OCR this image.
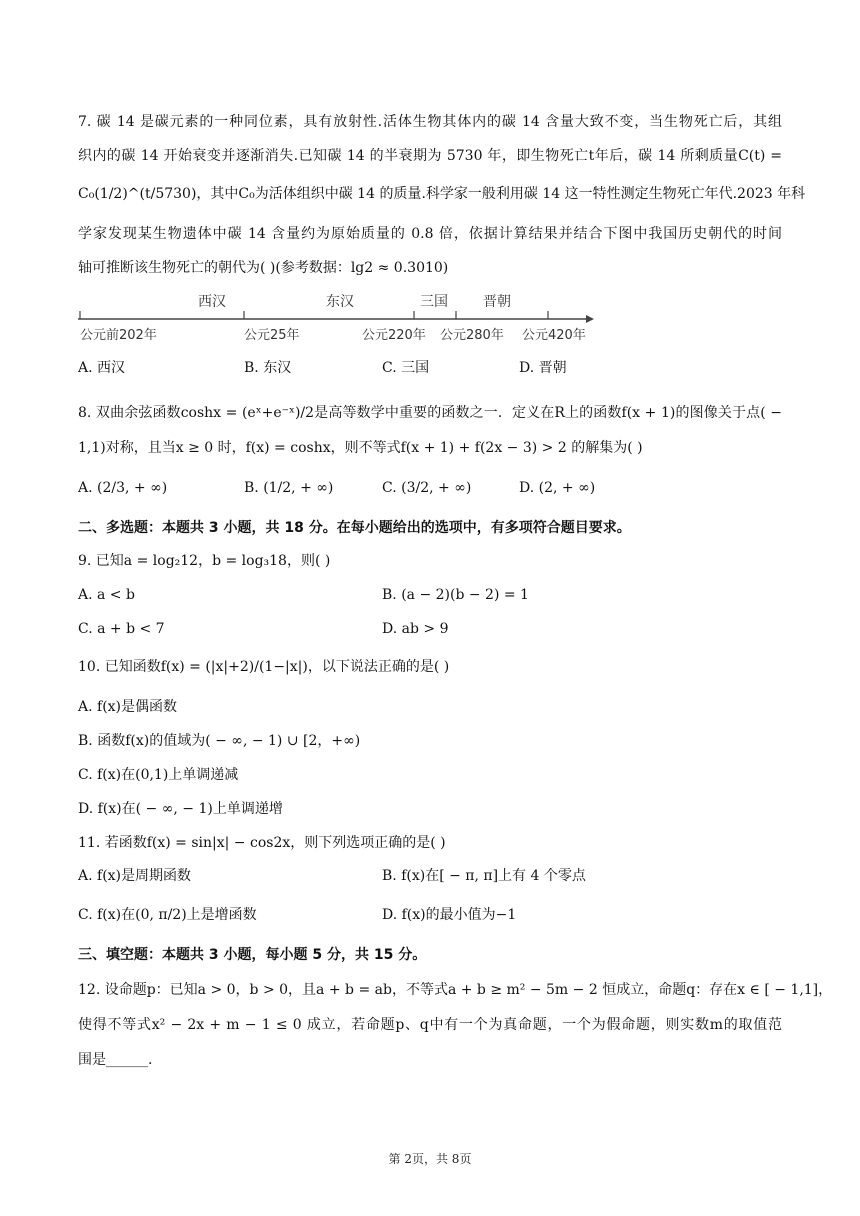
7. 碳 14 是碳元素的一种同位素，具有放射性.活体生物其体内的碳 14 含量大致不变，当生物死亡后，其组
织内的碳 14 开始衰变并逐渐消失.已知碳 14 的半衰期为 5730 年，即生物死亡t年后，碳 14 所剩质量C(t) =
C₀(1/2)^(t/5730)，其中C₀为活体组织中碳 14 的质量.科学家一般利用碳 14 这一特性测定生物死亡年代.2023 年科
学家发现某生物遗体中碳 14 含量约为原始质量的 0.8 倍，依据计算结果并结合下图中我国历史朝代的时间
轴可推断该生物死亡的朝代为( )(参考数据：lg2 ≈ 0.3010)
西汉	东汉	三国	晋朝
公元前202年	公元25年	公元220年 公元280年 公元420年
A. 西汉	B. 东汉	C. 三国	D. 晋朝
8. 双曲余弦函数coshx = (eˣ+e⁻ˣ)/2是高等数学中重要的函数之一．定义在R上的函数f(x + 1)的图像关于点( −
1,1)对称，且当x ≥ 0 时，f(x) = coshx，则不等式f(x + 1) + f(2x − 3) > 2 的解集为( )
A. (2/3, + ∞)	B. (1/2, + ∞)	C. (3/2, + ∞)	D. (2, + ∞)
二、多选题：本题共 3 小题，共 18 分。在每小题给出的选项中，有多项符合题目要求。
9. 已知a = log₂12，b = log₃18，则( )
A. a < b	B. (a − 2)(b − 2) = 1
C. a + b < 7	D. ab > 9
10. 已知函数f(x) = (|x|+2)/(1−|x|)，以下说法正确的是( )
A. f(x)是偶函数
B. 函数f(x)的值域为( − ∞, − 1) ∪ [2，+∞)
C. f(x)在(0,1)上单调递减
D. f(x)在( − ∞, − 1)上单调递增
11. 若函数f(x) = sin|x| − cos2x，则下列选项正确的是( )
A. f(x)是周期函数	B. f(x)在[ − π, π]上有 4 个零点
C. f(x)在(0, π/2)上是增函数	D. f(x)的最小值为−1
三、填空题：本题共 3 小题，每小题 5 分，共 15 分。
12. 设命题p：已知a > 0，b > 0，且a + b = ab，不等式a + b ≥ m² − 5m − 2 恒成立，命题q：存在x ∈ [ − 1,1]，
使得不等式x² − 2x + m − 1 ≤ 0 成立，若命题p、q中有一个为真命题，一个为假命题，则实数m的取值范
围是______.
第 2页，共 8页
